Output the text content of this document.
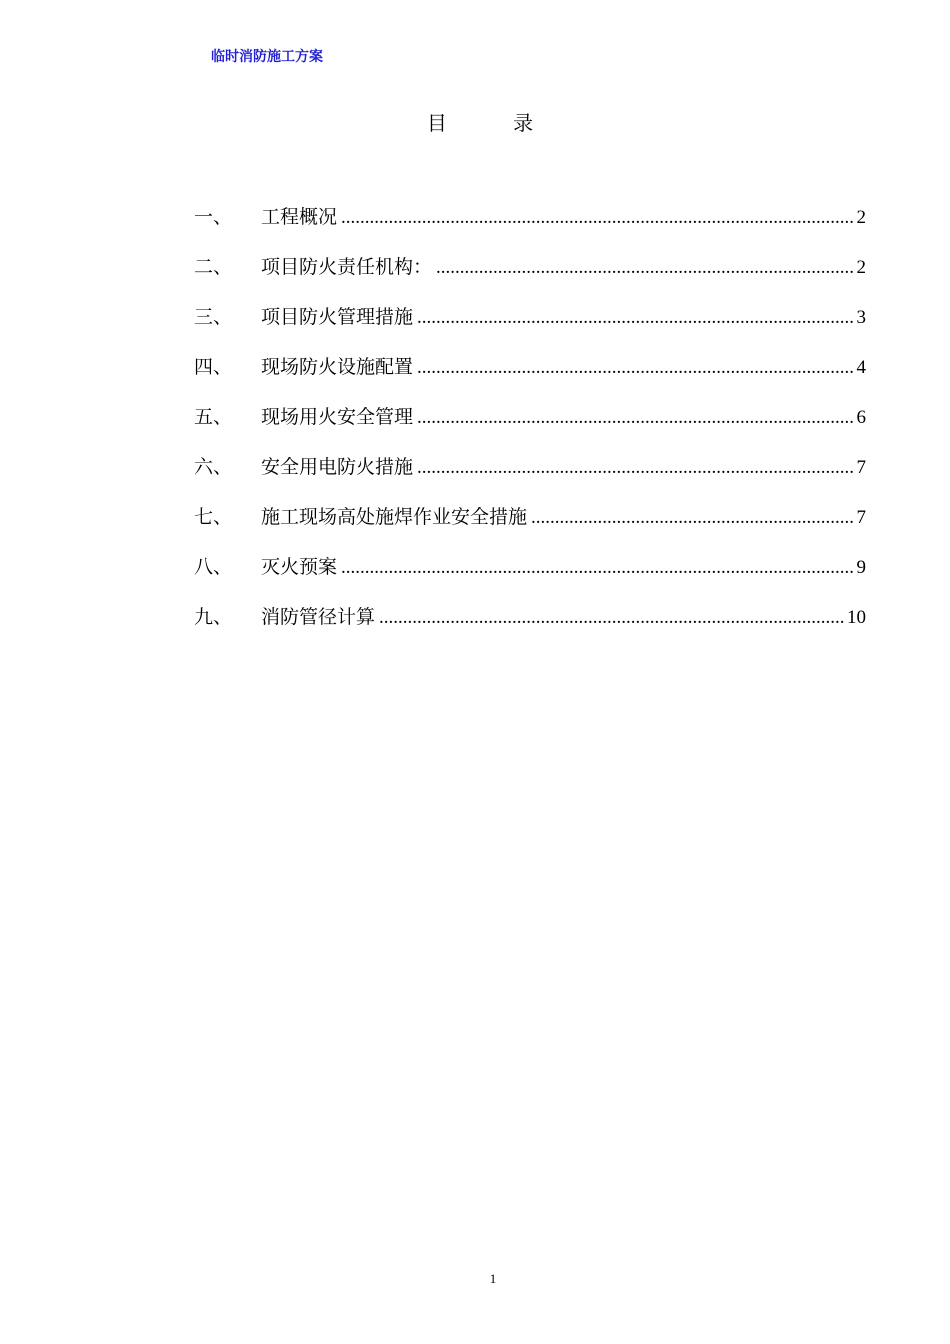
临时消防施工方案
目 录
一、	工程概况 .....	2
二、	项目防火责任机构： .....	2
三、	项目防火管理措施 .....	3
四、	现场防火设施配置 .....	4
五、	现场用火安全管理 .....	6
六、	安全用电防火措施 .....	7
七、	施工现场高处施焊作业安全措施 .....	7
八、	灭火预案 .....	9
九、	消防管径计算 .....	10
1
